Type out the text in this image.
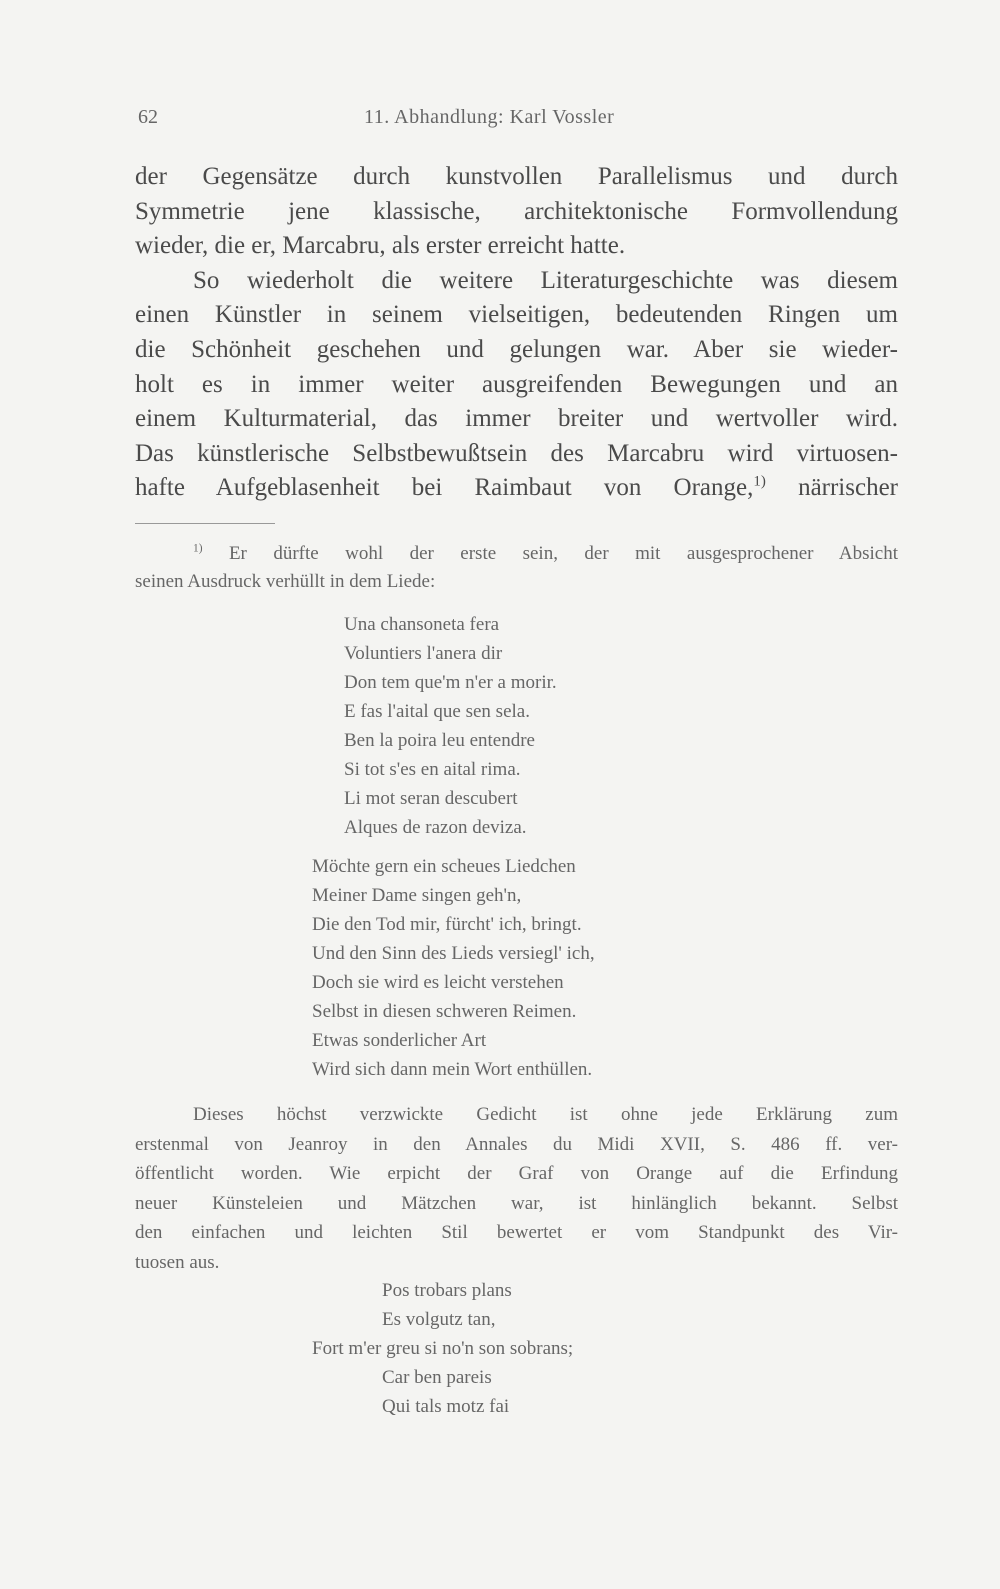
62	11. Abhandlung: Karl Vossler
der Gegensätze durch kunstvollen Parallelismus und durch
Symmetrie jene klassische, architektonische Formvollendung
wieder, die er, Marcabru, als erster erreicht hatte.
So wiederholt die weitere Literaturgeschichte was diesem
einen Künstler in seinem vielseitigen, bedeutenden Ringen um
die Schönheit geschehen und gelungen war. Aber sie wieder-
holt es in immer weiter ausgreifenden Bewegungen und an
einem Kulturmaterial, das immer breiter und wertvoller wird.
Das künstlerische Selbstbewußtsein des Marcabru wird virtuosen-
hafte Aufgeblasenheit bei Raimbaut von Orange,$^{1)}$ närrischer
$^{1)}$ Er dürfte wohl der erste sein, der mit ausgesprochener Absicht
seinen Ausdruck verhüllt in dem Liede:
Una chansoneta fera
Voluntiers l'anera dir
Don tem que'm n'er a morir.
E fas l'aital que sen sela.
Ben la poira leu entendre
Si tot s'es en aital rima.
Li mot seran descubert
Alques de razon deviza.
Möchte gern ein scheues Liedchen
Meiner Dame singen geh'n,
Die den Tod mir, fürcht' ich, bringt.
Und den Sinn des Lieds versiegl' ich,
Doch sie wird es leicht verstehen
Selbst in diesen schweren Reimen.
Etwas sonderlicher Art
Wird sich dann mein Wort enthüllen.
Dieses höchst verzwickte Gedicht ist ohne jede Erklärung zum
erstenmal von Jeanroy in den Annales du Midi XVII, S. 486 ff. ver-
öffentlicht worden. Wie erpicht der Graf von Orange auf die Erfindung
neuer Künsteleien und Mätzchen war, ist hinlänglich bekannt. Selbst
den einfachen und leichten Stil bewertet er vom Standpunkt des Vir-
tuosen aus.
Pos trobars plans
Es volgutz tan,
Fort m'er greu si no'n son sobrans;
Car ben pareis
Qui tals motz fai
